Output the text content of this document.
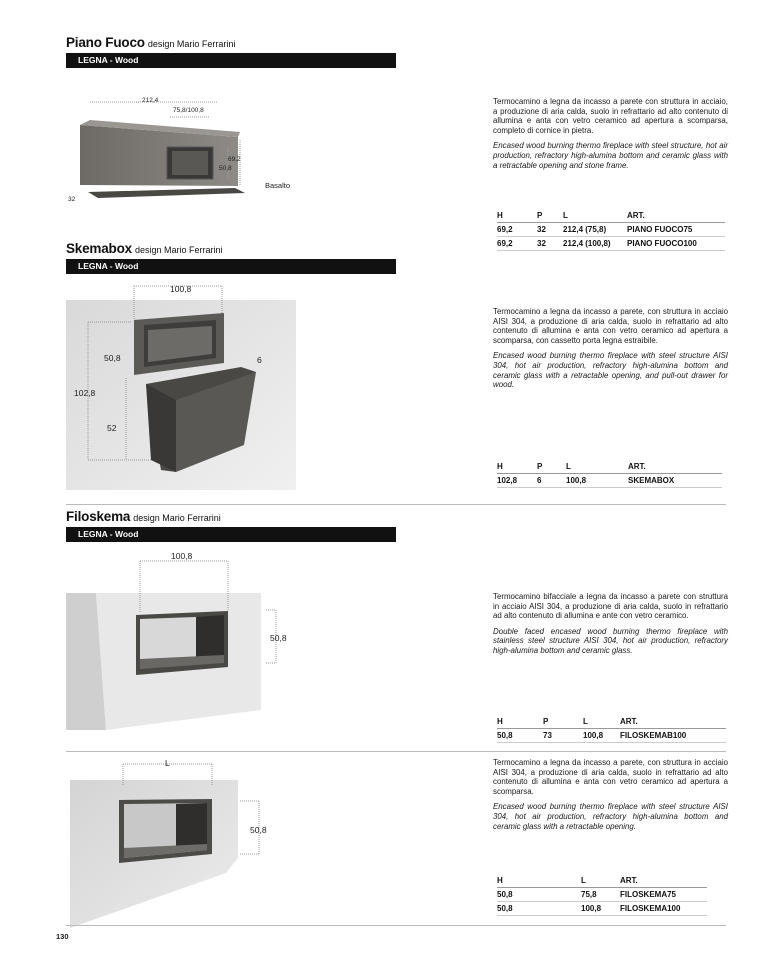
Piano Fuoco design Mario Ferrarini
LEGNA - Wood
212,4
75,8/100,8
69,2
50,8
32
Basalto

Termocamino a legna da incasso a parete con struttura in acciaio, a produzione di aria calda, suolo in refrattario ad alto contenuto di allumina e anta con vetro ceramico ad apertura a scomparsa, completo di cornice in pietra.

Encased wood burning thermo fireplace with steel structure, hot air production, refractory high-alumina bottom and ceramic glass with a retractable opening and stone frame.

H	P	L	ART.
69,2	32	212,4 (75,8)	PIANO FUOCO75
69,2	32	212,4 (100,8)	PIANO FUOCO100
Skemabox design Mario Ferrarini
LEGNA - Wood
100,8
50,8
102,8
52
6

Termocamino a legna da incasso a parete, con struttura in acciaio AISI 304, a produzione di aria calda, suolo in refrattario ad alto contenuto di allumina e anta con vetro ceramico ad apertura a scomparsa, con cassetto porta legna estraibile.

Encased wood burning thermo fireplace with steel structure AISI 304, hot air production, refractory high-alumina bottom and ceramic glass with a retractable opening, and pull-out drawer for wood.

H	P	L	ART.
102,8	6	100,8	SKEMABOX
Filoskema design Mario Ferrarini
LEGNA - Wood
100,8
50,8

Termocamino bifacciale a legna da incasso a parete con struttura in acciaio AISI 304, a produzione di aria calda, suolo in refrattario ad alto contenuto di allumina e ante con vetro ceramico.

Double faced encased wood burning thermo fireplace with stainless steel structure AISI 304, hot air production, refractory high-alumina bottom and ceramic glass.

H	P	L	ART.
50,8	73	100,8	FILOSKEMAB100
L
50,8

Termocamino a legna da incasso a parete, con struttura in acciaio AISI 304, a produzione di aria calda, suolo in refrattario ad alto contenuto di allumina e anta con vetro ceramico ad apertura a scomparsa.

Encased wood burning thermo fireplace with steel structure AISI 304, hot air production, refractory high-alumina bottom and ceramic glass with a retractable opening.

H	L	ART.
50,8	75,8	FILOSKEMA75
50,8	100,8	FILOSKEMA100
130
